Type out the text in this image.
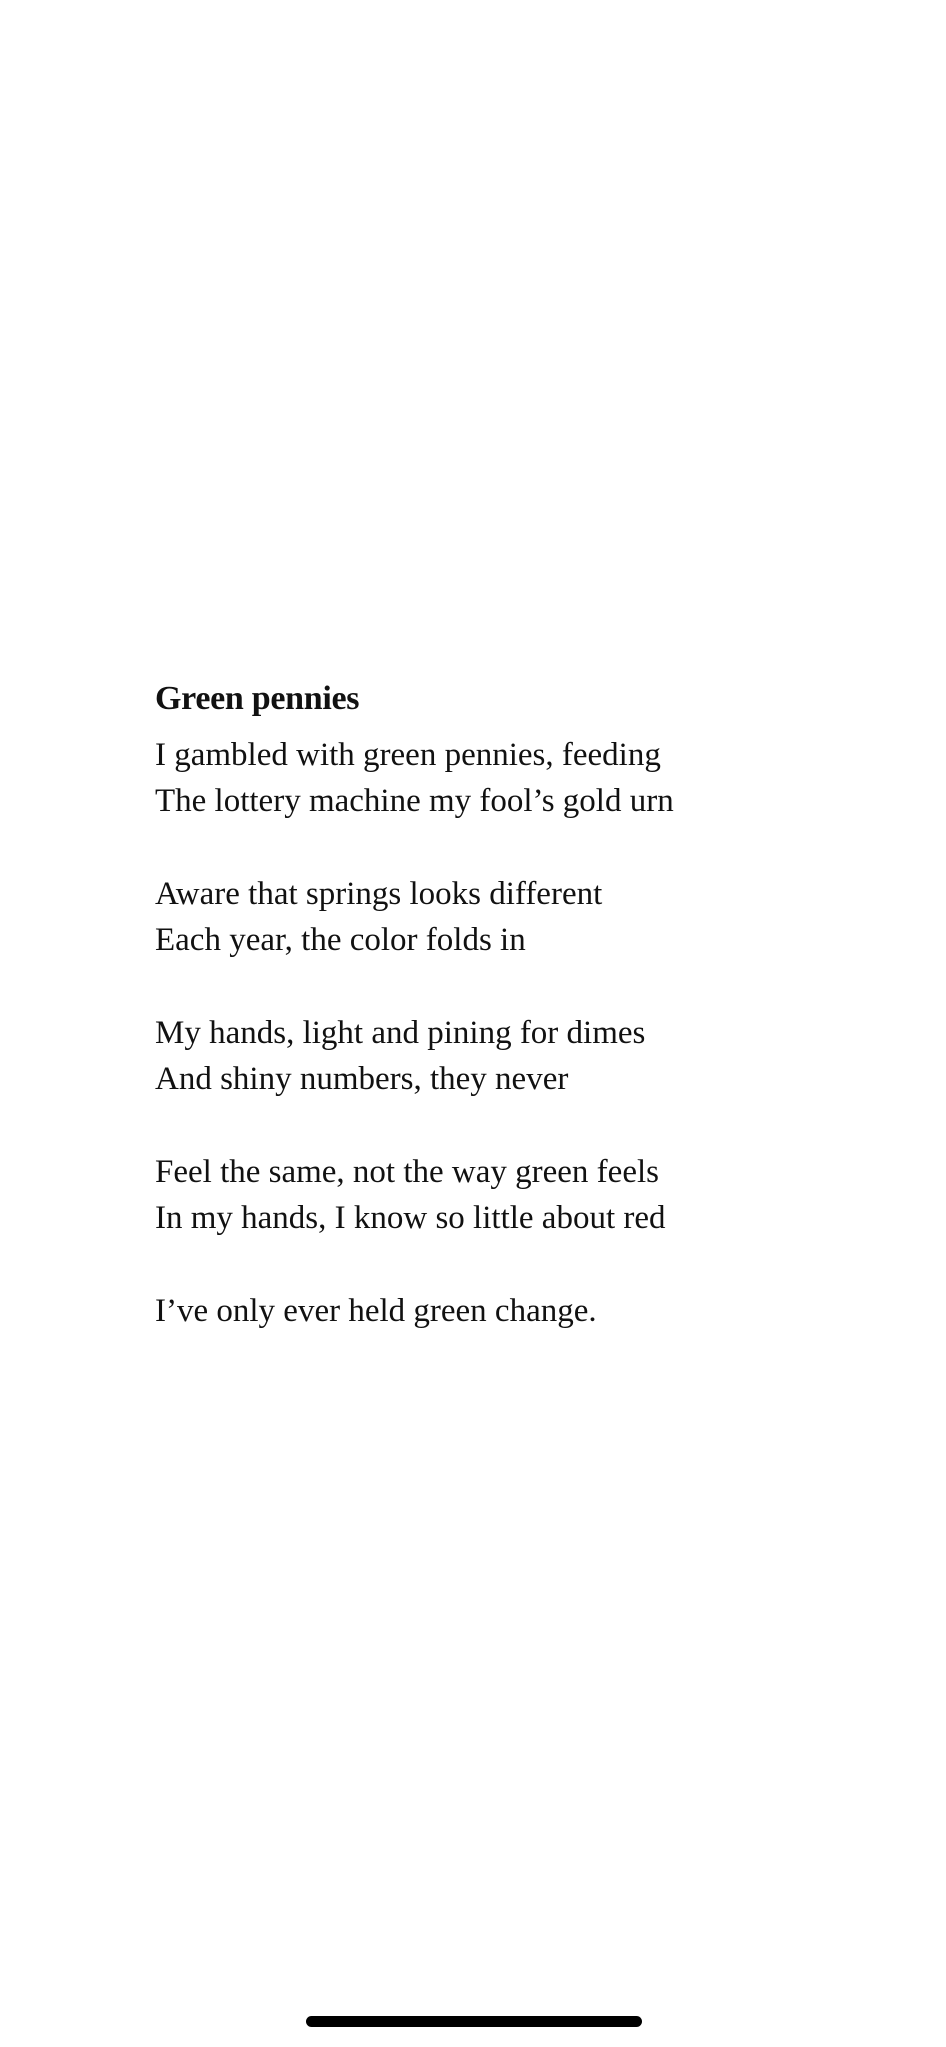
Green pennies
I gambled with green pennies, feeding
The lottery machine my fool’s gold urn
Aware that springs looks different
Each year, the color folds in
My hands, light and pining for dimes
And shiny numbers, they never
Feel the same, not the way green feels
In my hands, I know so little about red
I’ve only ever held green change.
